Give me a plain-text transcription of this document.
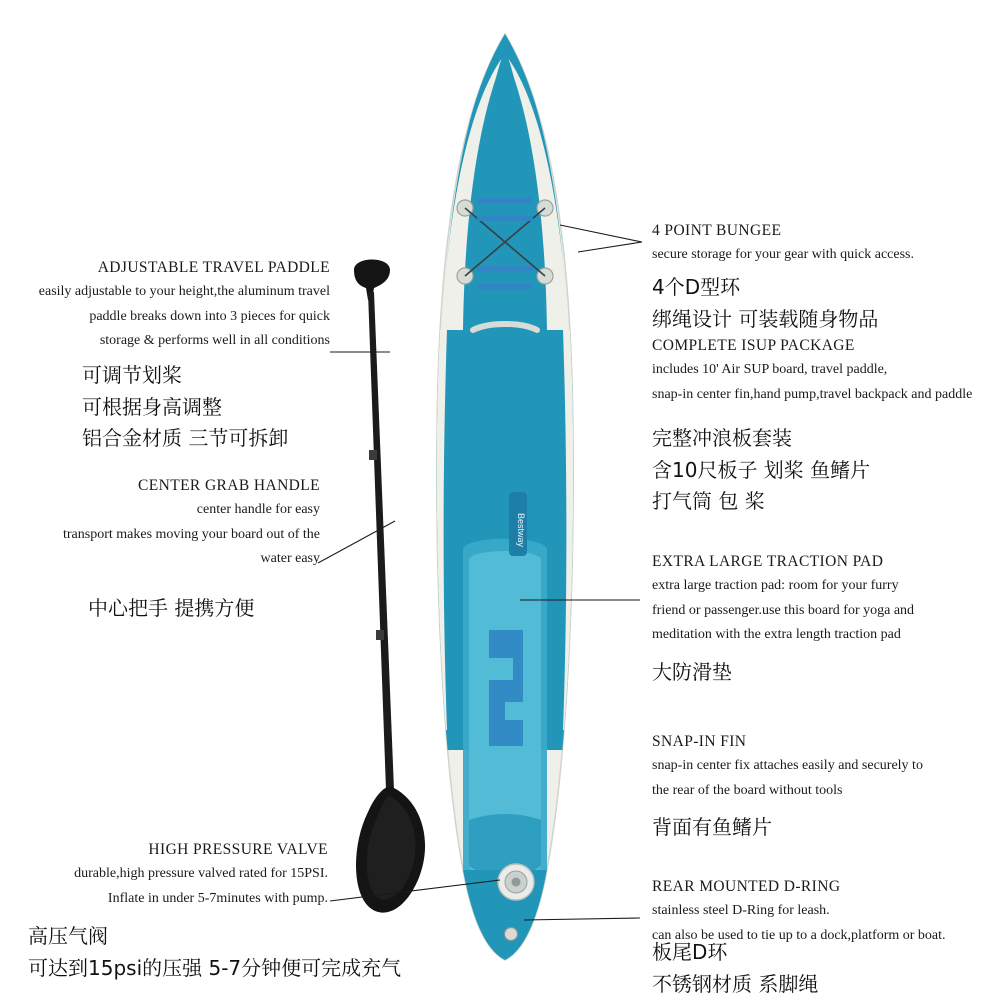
Bestway
ADJUSTABLE TRAVEL PADDLE
easily adjustable to your height,the aluminum travel
paddle breaks down into 3 pieces for quick
storage & performs well in all conditions
可调节划桨
可根据身高调整
铝合金材质 三节可拆卸
CENTER GRAB HANDLE
center handle for easy
transport makes moving your board out of the
water easy
中心把手 提携方便
HIGH PRESSURE VALVE
durable,high pressure valved rated for 15PSI.
Inflate in under 5-7minutes with pump.
高压气阀
可达到15psi的压强 5-7分钟便可完成充气
4 POINT BUNGEE
secure storage for your gear with quick access.
4个D型环
绑绳设计 可装载随身物品
COMPLETE ISUP PACKAGE
includes 10' Air SUP board, travel paddle,
snap-in center fin,hand pump,travel backpack and paddle
完整冲浪板套装
含10尺板子 划桨 鱼鳍片
打气筒 包 桨
EXTRA LARGE TRACTION PAD
extra large traction pad: room for your furry
friend or passenger.use this board for yoga and
meditation with the extra length traction pad
大防滑垫
SNAP-IN FIN
snap-in center fix attaches easily and securely to
the rear of the board without tools
背面有鱼鳍片
REAR MOUNTED D-RING
stainless steel D-Ring for leash.
can also be used to tie up to a dock,platform or boat.
板尾D环
不锈钢材质 系脚绳
